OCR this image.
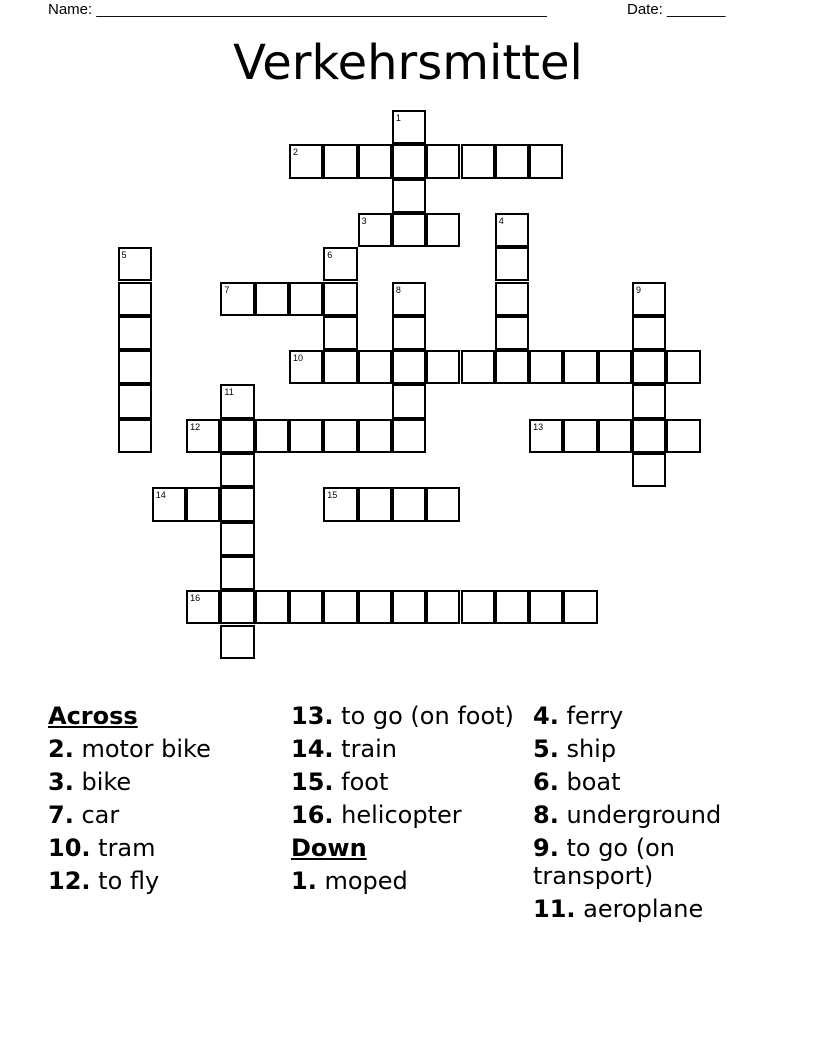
Name: ______________________________________________________	Date: _______
Verkehrsmittel
1
2
3	4
5	6
7	8	9
10
11
12	13
14	15
16
Across
2. motor bike
3. bike
7. car
10. tram
12. to fly
13. to go (on foot)
14. train
15. foot
16. helicopter
Down
1. moped
4. ferry
5. ship
6. boat
8. underground
9. to go (on transport)
11. aeroplane
